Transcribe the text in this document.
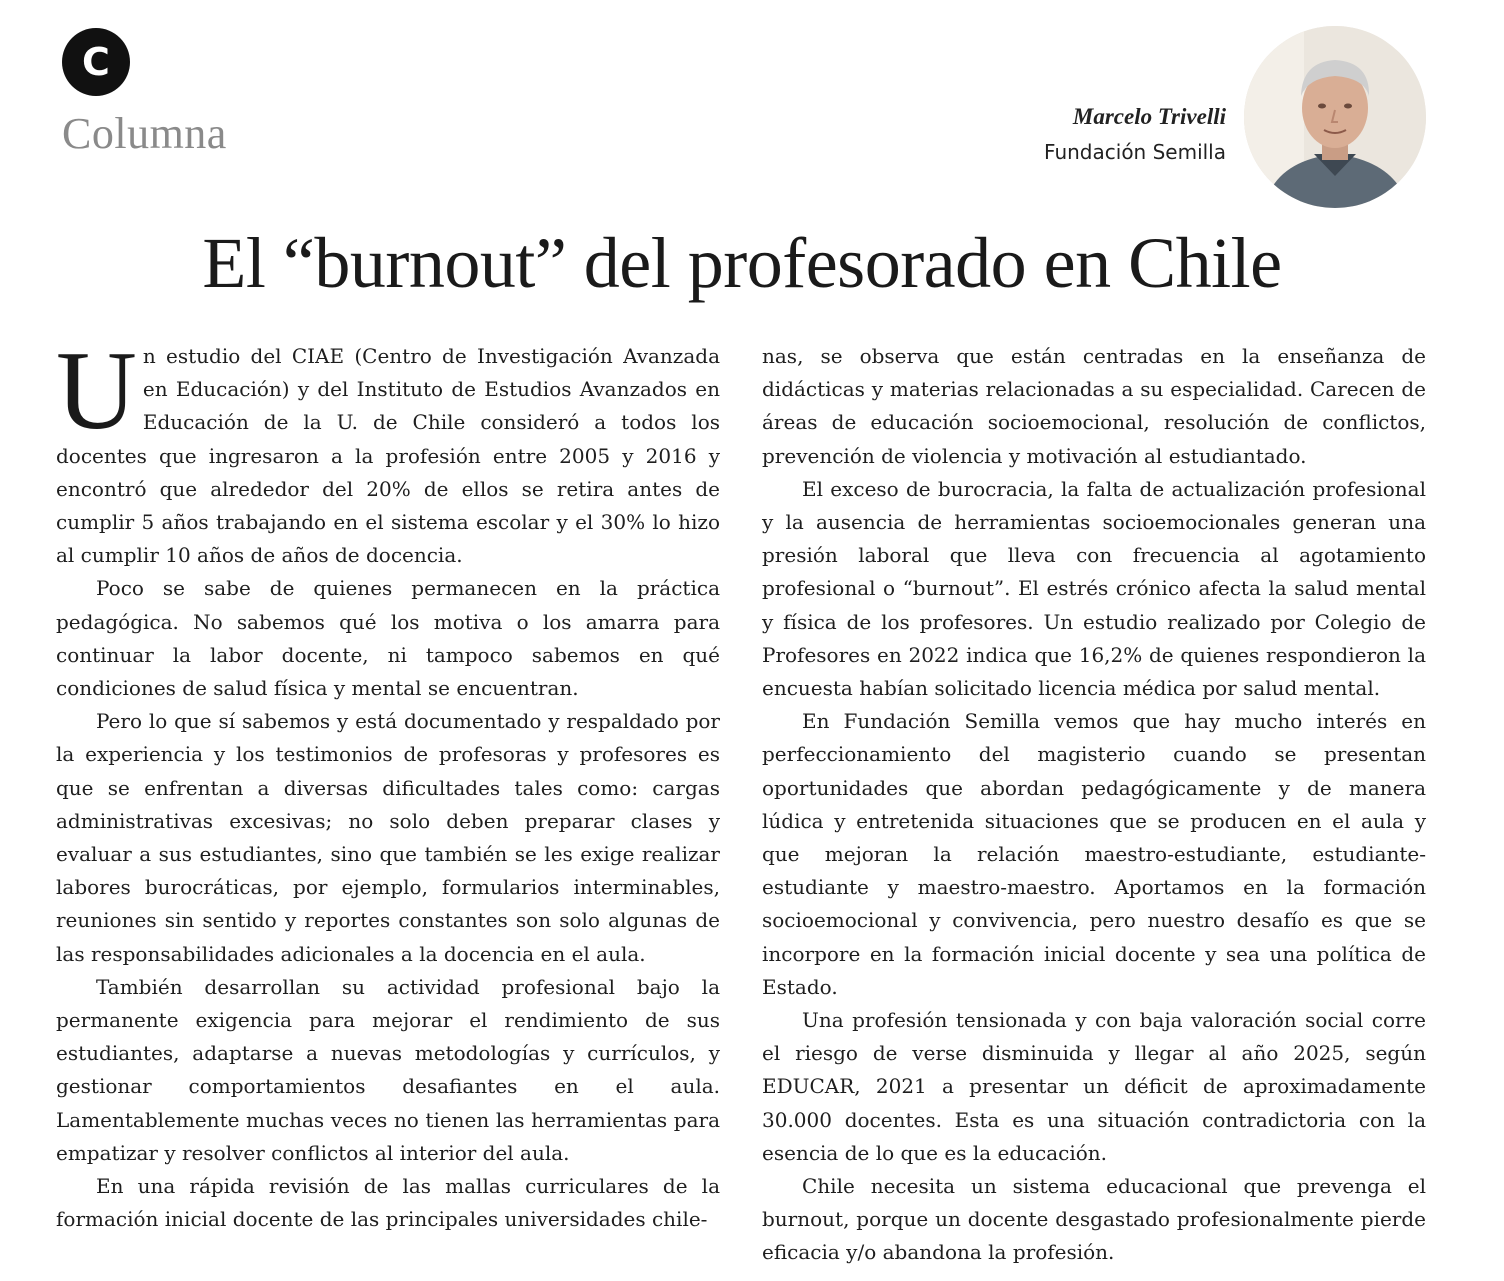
C
Columna	Marcelo Trivelli
Fundación Semilla
El “burnout” del profesorado en Chile

Un estudio del CIAE (Centro de Investigación Avanzada en Educación) y del Instituto de Estudios Avanzados en Educación de la U. de Chile consideró a todos los docentes que ingresaron a la profesión entre 2005 y 2016 y encontró que alrededor del 20% de ellos se retira antes de cumplir 5 años trabajando en el sistema escolar y el 30% lo hizo al cumplir 10 años de años de docencia.

Poco se sabe de quienes permanecen en la práctica pedagógica. No sabemos qué los motiva o los amarra para continuar la labor docente, ni tampoco sabemos en qué condiciones de salud física y mental se encuentran.

Pero lo que sí sabemos y está documentado y respaldado por la experiencia y los testimonios de profesoras y profesores es que se enfrentan a diversas dificultades tales como: cargas administrativas excesivas; no solo deben preparar clases y evaluar a sus estudiantes, sino que también se les exige realizar labores burocráticas, por ejemplo, formularios interminables, reuniones sin sentido y reportes constantes son solo algunas de las responsabilidades adicionales a la docencia en el aula.

También desarrollan su actividad profesional bajo la permanente exigencia para mejorar el rendimiento de sus estudiantes, adaptarse a nuevas metodologías y currículos, y gestionar comportamientos desafiantes en el aula. Lamentablemente muchas veces no tienen las herramientas para empatizar y resolver conflictos al interior del aula.

En una rápida revisión de las mallas curriculares de la formación inicial docente de las principales universidades chile-

nas, se observa que están centradas en la enseñanza de didácticas y materias relacionadas a su especialidad. Carecen de áreas de educación socioemocional, resolución de conflictos, prevención de violencia y motivación al estudiantado.

El exceso de burocracia, la falta de actualización profesional y la ausencia de herramientas socioemocionales generan una presión laboral que lleva con frecuencia al agotamiento profesional o “burnout”. El estrés crónico afecta la salud mental y física de los profesores. Un estudio realizado por Colegio de Profesores en 2022 indica que 16,2% de quienes respondieron la encuesta habían solicitado licencia médica por salud mental.

En Fundación Semilla vemos que hay mucho interés en perfeccionamiento del magisterio cuando se presentan oportunidades que abordan pedagógicamente y de manera lúdica y entretenida situaciones que se producen en el aula y que mejoran la relación maestro-estudiante, estudiante-estudiante y maestro-maestro. Aportamos en la formación socioemocional y convivencia, pero nuestro desafío es que se incorpore en la formación inicial docente y sea una política de Estado.

Una profesión tensionada y con baja valoración social corre el riesgo de verse disminuida y llegar al año 2025, según EDUCAR, 2021 a presentar un déficit de aproximadamente 30.000 docentes. Esta es una situación contradictoria con la esencia de lo que es la educación.

Chile necesita un sistema educacional que prevenga el burnout, porque un docente desgastado profesionalmente pierde eficacia y/o abandona la profesión.
